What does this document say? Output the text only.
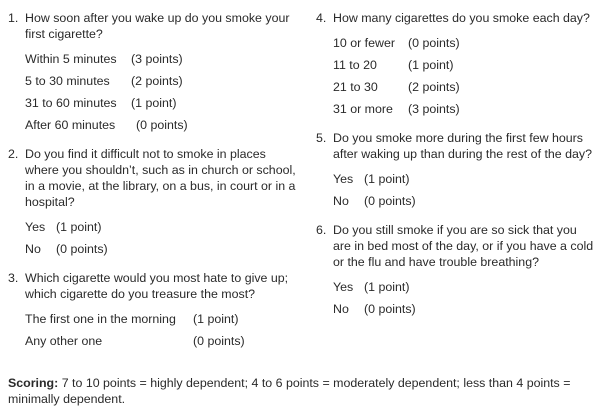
1. How soon after you wake up do you smoke your first cigarette?
Within 5 minutes	(3 points)
5 to 30 minutes	(2 points)
31 to 60 minutes	(1 point)
After 60 minutes	(0 points)
2. Do you find it difficult not to smoke in places where you shouldn’t, such as in church or school, in a movie, at the library, on a bus, in court or in a hospital?
Yes (1 point)
No	(0 points)
3. Which cigarette would you most hate to give up; which cigarette do you treasure the most?
The first one in the morning	(1 point)
Any other one	(0 points)
4. How many cigarettes do you smoke each day?
10 or fewer	(0 points)
11 to 20	(1 point)
21 to 30	(2 points)
31 or more	(3 points)
5. Do you smoke more during the first few hours after waking up than during the rest of the day?
Yes (1 point)
No	(0 points)
6. Do you still smoke if you are so sick that you are in bed most of the day, or if you have a cold or the flu and have trouble breathing?
Yes (1 point)
No	(0 points)
Scoring: 7 to 10 points = highly dependent; 4 to 6 points = moderately dependent; less than 4 points = minimally dependent.
